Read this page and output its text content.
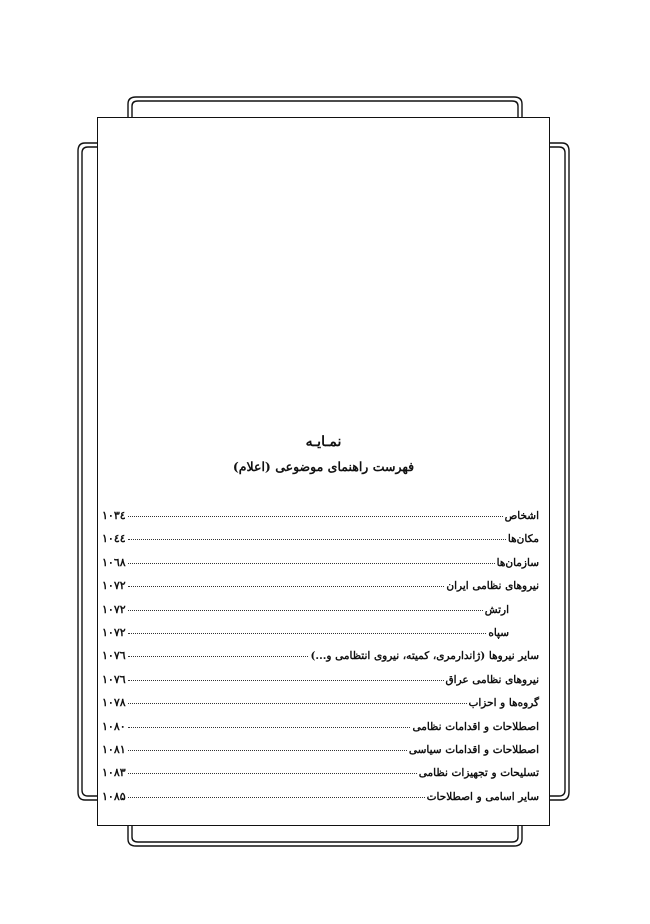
نمـایـه
فهرست راهنمای موضوعی (اعلام)
اشخاص
۱۰۳٤
مکان‌ها
۱۰٤٤
سازمان‌ها
۱۰٦۸
نیروهای نظامی ایران
۱۰۷۲
ارتش
۱۰۷۲
سپاه
۱۰۷۲
سایر نیروها (ژاندارمری، کمیته، نیروی انتظامی و...)
۱۰۷٦
نیروهای نظامی عراق
۱۰۷٦
گروه‌ها و احزاب
۱۰۷۸
اصطلاحات و اقدامات نظامی
۱۰۸۰
اصطلاحات و اقدامات سیاسی
۱۰۸۱
تسلیحات و تجهیزات نظامی
۱۰۸۳
سایر اسامی و اصطلاحات
۱۰۸۵
